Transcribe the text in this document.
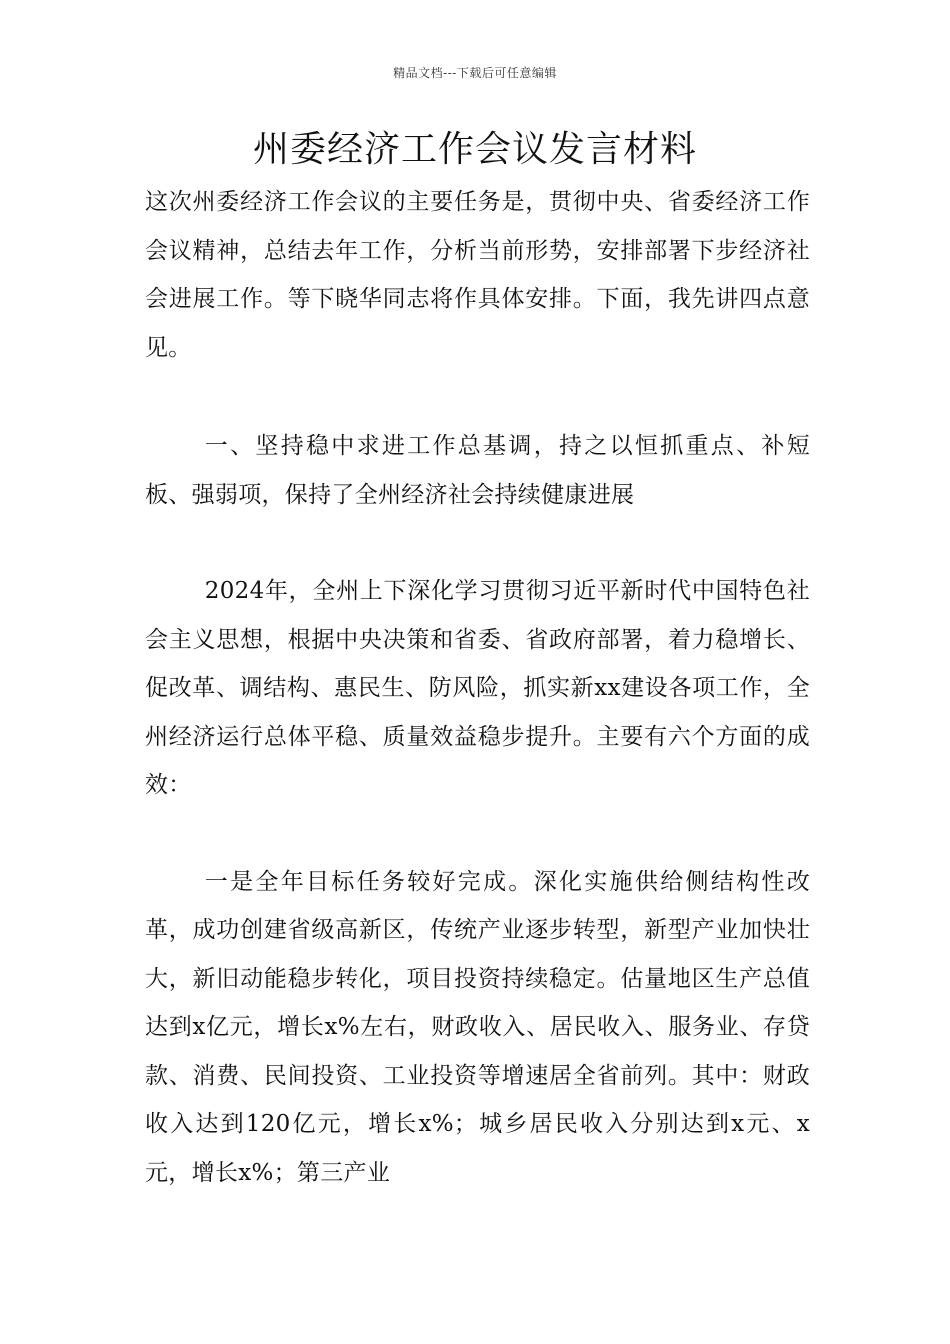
精品文档---下载后可任意编辑
州委经济工作会议发言材料

这次州委经济工作会议的主要任务是，贯彻中央、省委经济工作会议精神，总结去年工作，分析当前形势，安排部署下步经济社会进展工作。等下晓华同志将作具体安排。下面，我先讲四点意见。

一、坚持稳中求进工作总基调，持之以恒抓重点、补短板、强弱项，保持了全州经济社会持续健康进展

2024年，全州上下深化学习贯彻习近平新时代中国特色社会主义思想，根据中央决策和省委、省政府部署，着力稳增长、促改革、调结构、惠民生、防风险，抓实新xx建设各项工作，全州经济运行总体平稳、质量效益稳步提升。主要有六个方面的成效：

一是全年目标任务较好完成。深化实施供给侧结构性改革，成功创建省级高新区，传统产业逐步转型，新型产业加快壮大，新旧动能稳步转化，项目投资持续稳定。估量地区生产总值达到x亿元，增长x%左右，财政收入、居民收入、服务业、存贷款、消费、民间投资、工业投资等增速居全省前列。其中：财政收入达到120亿元，增长x%；城乡居民收入分别达到x元、x元，增长x%；第三产业
